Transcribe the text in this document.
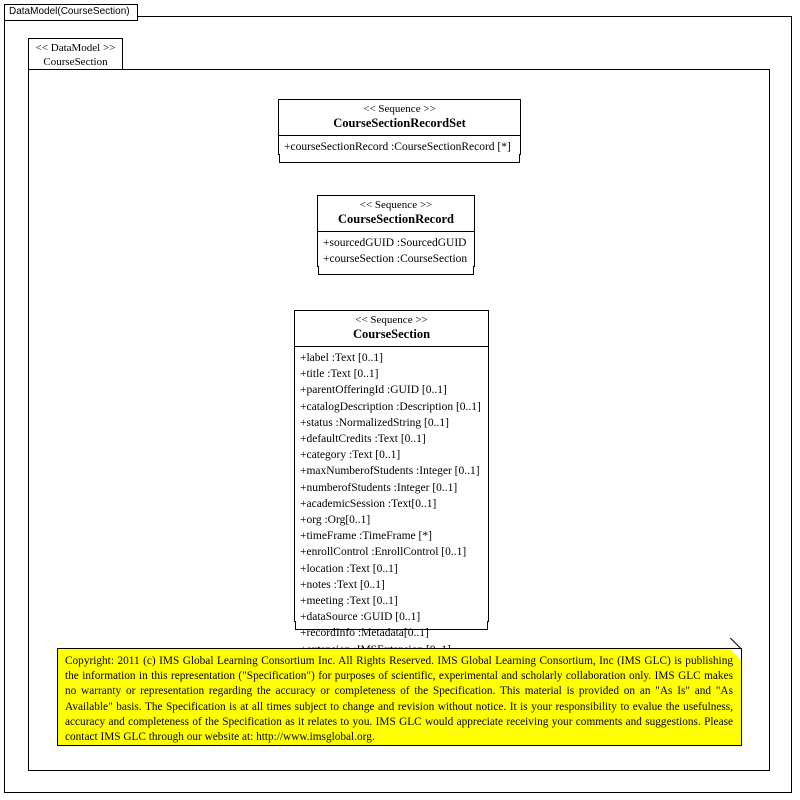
DataModel(CourseSection)
<< DataModel >>
CourseSection
<< Sequence >>
CourseSectionRecordSet
+courseSectionRecord :CourseSectionRecord [*]
<< Sequence >>
CourseSectionRecord
+sourcedGUID :SourcedGUID
+courseSection :CourseSection
<< Sequence >>
CourseSection
+label :Text [0..1]
+title :Text [0..1]
+parentOfferingId :GUID [0..1]
+catalogDescription :Description [0..1]
+status :NormalizedString [0..1]
+defaultCredits :Text [0..1]
+category :Text [0..1]
+maxNumberofStudents :Integer [0..1]
+numberofStudents :Integer [0..1]
+academicSession :Text[0..1]
+org :Org[0..1]
+timeFrame :TimeFrame [*]
+enrollControl :EnrollControl [0..1]
+location :Text [0..1]
+notes :Text [0..1]
+meeting :Text [0..1]
+dataSource :GUID [0..1]
+recordInfo :Metadata[0..1]
Copyright: 2011 (c) IMS Global Learning Consortium Inc. All Rights Reserved. IMS Global Learning Consortium, Inc (IMS GLC) is publishing the information in this representation ("Specification") for purposes of scientific, experimental and scholarly collaboration only. IMS GLC makes no warranty or representation regarding the accuracy or completeness of the Specification. This material is provided on an "As Is" and "As Available" basis. The Specification is at all times subject to change and revision without notice. It is your responsibility to evalue the usefulness, accuracy and completeness of the Specification as it relates to you. IMS GLC would appreciate receiving your comments and suggestions. Please contact IMS GLC through our website at: http://www.imsglobal.org.
